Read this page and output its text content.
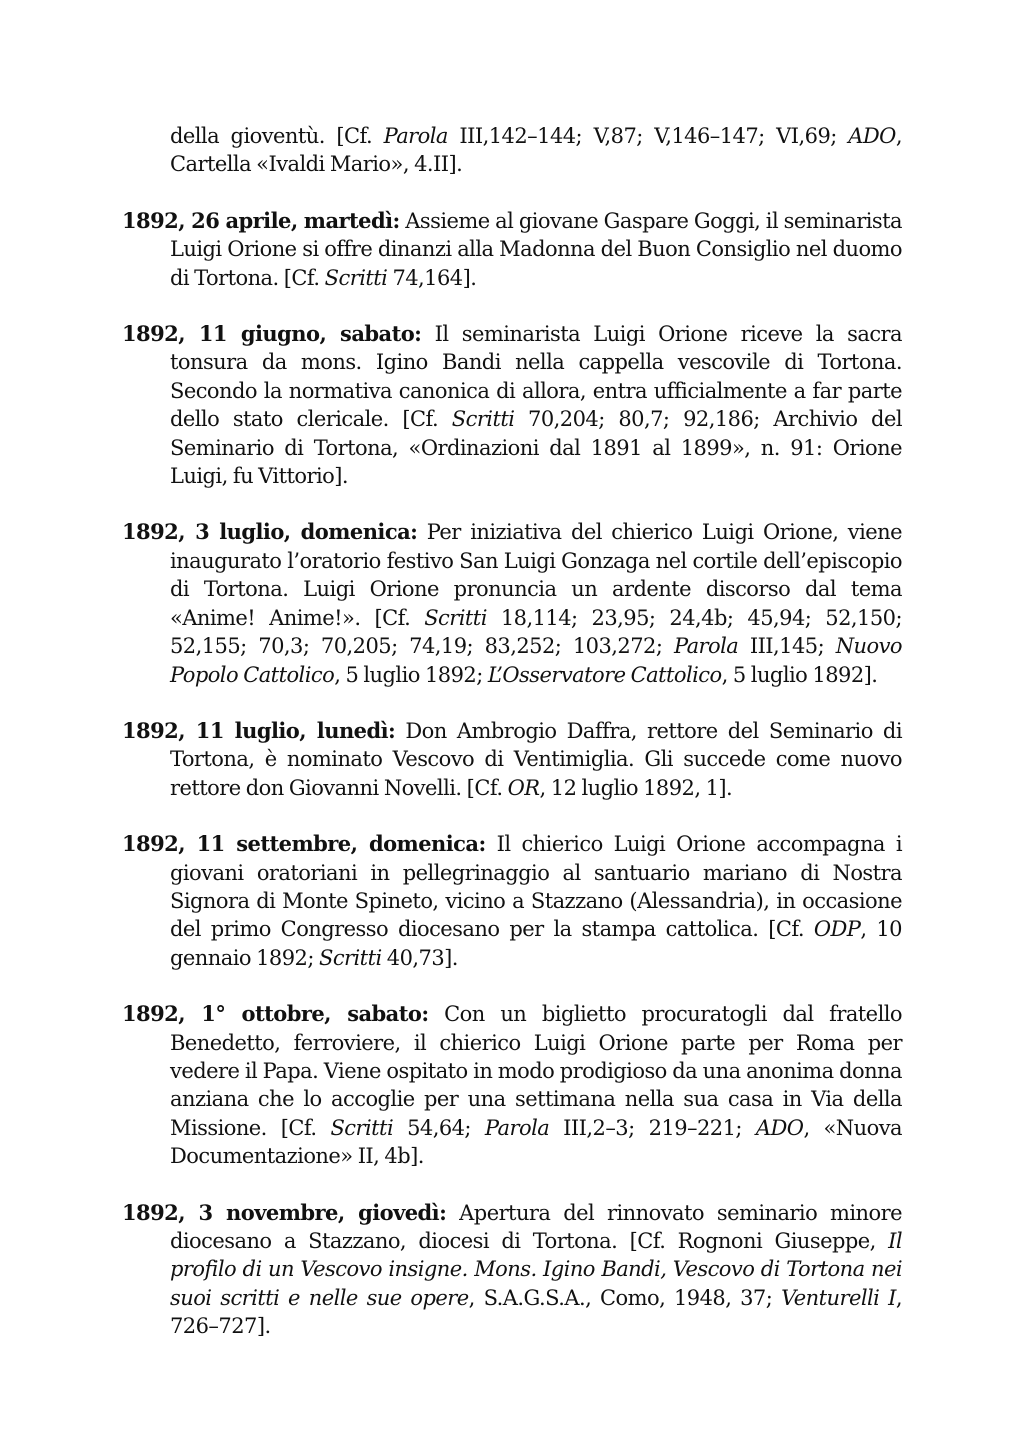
della gioventù. [Cf. Parola III,142–144; V,87; V,146–147; VI,69; ADO, Cartella «Ivaldi Mario», 4.II].

1892, 26 aprile, martedì: Assieme al giovane Gaspare Goggi, il seminarista Luigi Orione si offre dinanzi alla Madonna del Buon Consiglio nel duomo di Tortona. [Cf. Scritti 74,164].

1892, 11 giugno, sabato: Il seminarista Luigi Orione riceve la sacra tonsura da mons. Igino Bandi nella cappella vescovile di Tortona. Secondo la normativa canonica di allora, entra ufficialmente a far parte dello stato clericale. [Cf. Scritti 70,204; 80,7; 92,186; Archivio del Seminario di Tortona, «Ordinazioni dal 1891 al 1899», n. 91: Orione Luigi, fu Vittorio].

1892, 3 luglio, domenica: Per iniziativa del chierico Luigi Orione, viene inaugurato l’oratorio festivo San Luigi Gonzaga nel cortile dell’episcopio di Tortona. Luigi Orione pronuncia un ardente discorso dal tema «Anime! Anime!». [Cf. Scritti 18,114; 23,95; 24,4b; 45,94; 52,150; 52,155; 70,3; 70,205; 74,19; 83,252; 103,272; Parola III,145; Nuovo Popolo Cattolico, 5 luglio 1892; L’Osservatore Cattolico, 5 luglio 1892].

1892, 11 luglio, lunedì: Don Ambrogio Daffra, rettore del Seminario di Tortona, è nominato Vescovo di Ventimiglia. Gli succede come nuovo rettore don Giovanni Novelli. [Cf. OR, 12 luglio 1892, 1].

1892, 11 settembre, domenica: Il chierico Luigi Orione accompagna i giovani oratoriani in pellegrinaggio al santuario mariano di Nostra Signora di Monte Spineto, vicino a Stazzano (Alessandria), in occasione del primo Congresso diocesano per la stampa cattolica. [Cf. ODP, 10 gennaio 1892; Scritti 40,73].

1892, 1° ottobre, sabato: Con un biglietto procuratogli dal fratello Benedetto, ferroviere, il chierico Luigi Orione parte per Roma per vedere il Papa. Viene ospitato in modo prodigioso da una anonima donna anziana che lo accoglie per una settimana nella sua casa in Via della Missione. [Cf. Scritti 54,64; Parola III,2–3; 219–221; ADO, «Nuova Documentazione» II, 4b].

1892, 3 novembre, giovedì: Apertura del rinnovato seminario minore diocesano a Stazzano, diocesi di Tortona. [Cf. Rognoni Giuseppe, Il profilo di un Vescovo insigne. Mons. Igino Bandi, Vescovo di Tortona nei suoi scritti e nelle sue opere, S.A.G.S.A., Como, 1948, 37; Venturelli I, 726–727].
